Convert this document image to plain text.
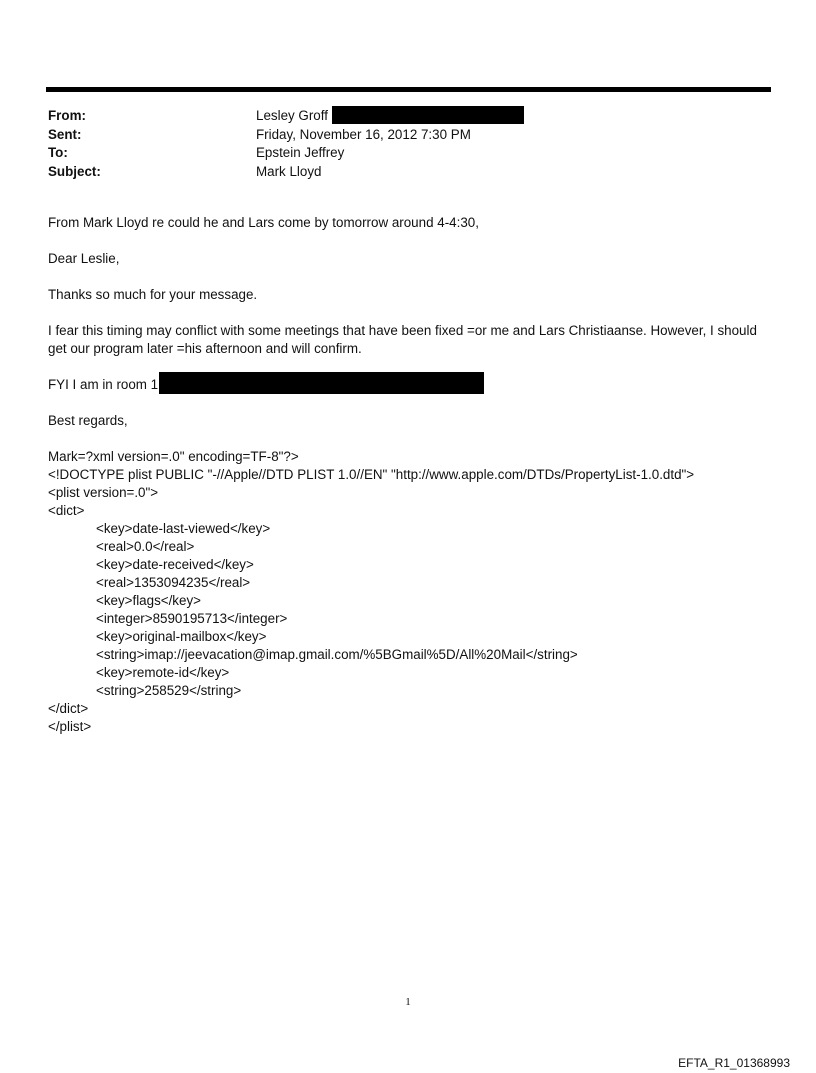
From:	Lesley Groff
Sent:	Friday, November 16, 2012 7:30 PM
To:	Epstein Jeffrey
Subject:	Mark Lloyd

From Mark Lloyd re could he and Lars come by tomorrow around 4-4:30,

Dear Leslie,

Thanks so much for your message.

I fear this timing may conflict with some meetings that have been fixed =or me and Lars Christiaanse. However, I should get our program later =his afternoon and will confirm.

FYI I am in room 1

Best regards,

Mark=?xml version=.0" encoding=TF-8"?>
<!DOCTYPE plist PUBLIC "-//Apple//DTD PLIST 1.0//EN" "http://www.apple.com/DTDs/PropertyList-1.0.dtd">
<plist version=.0">
<dict>
<key>date-last-viewed</key>
<real>0.0</real>
<key>date-received</key>
<real>1353094235</real>
<key>flags</key>
<integer>8590195713</integer>
<key>original-mailbox</key>
<string>imap://jeevacation@imap.gmail.com/%5BGmail%5D/All%20Mail</string>
<key>remote-id</key>
<string>258529</string>
</dict>
</plist>
1
EFTA_R1_01368993
